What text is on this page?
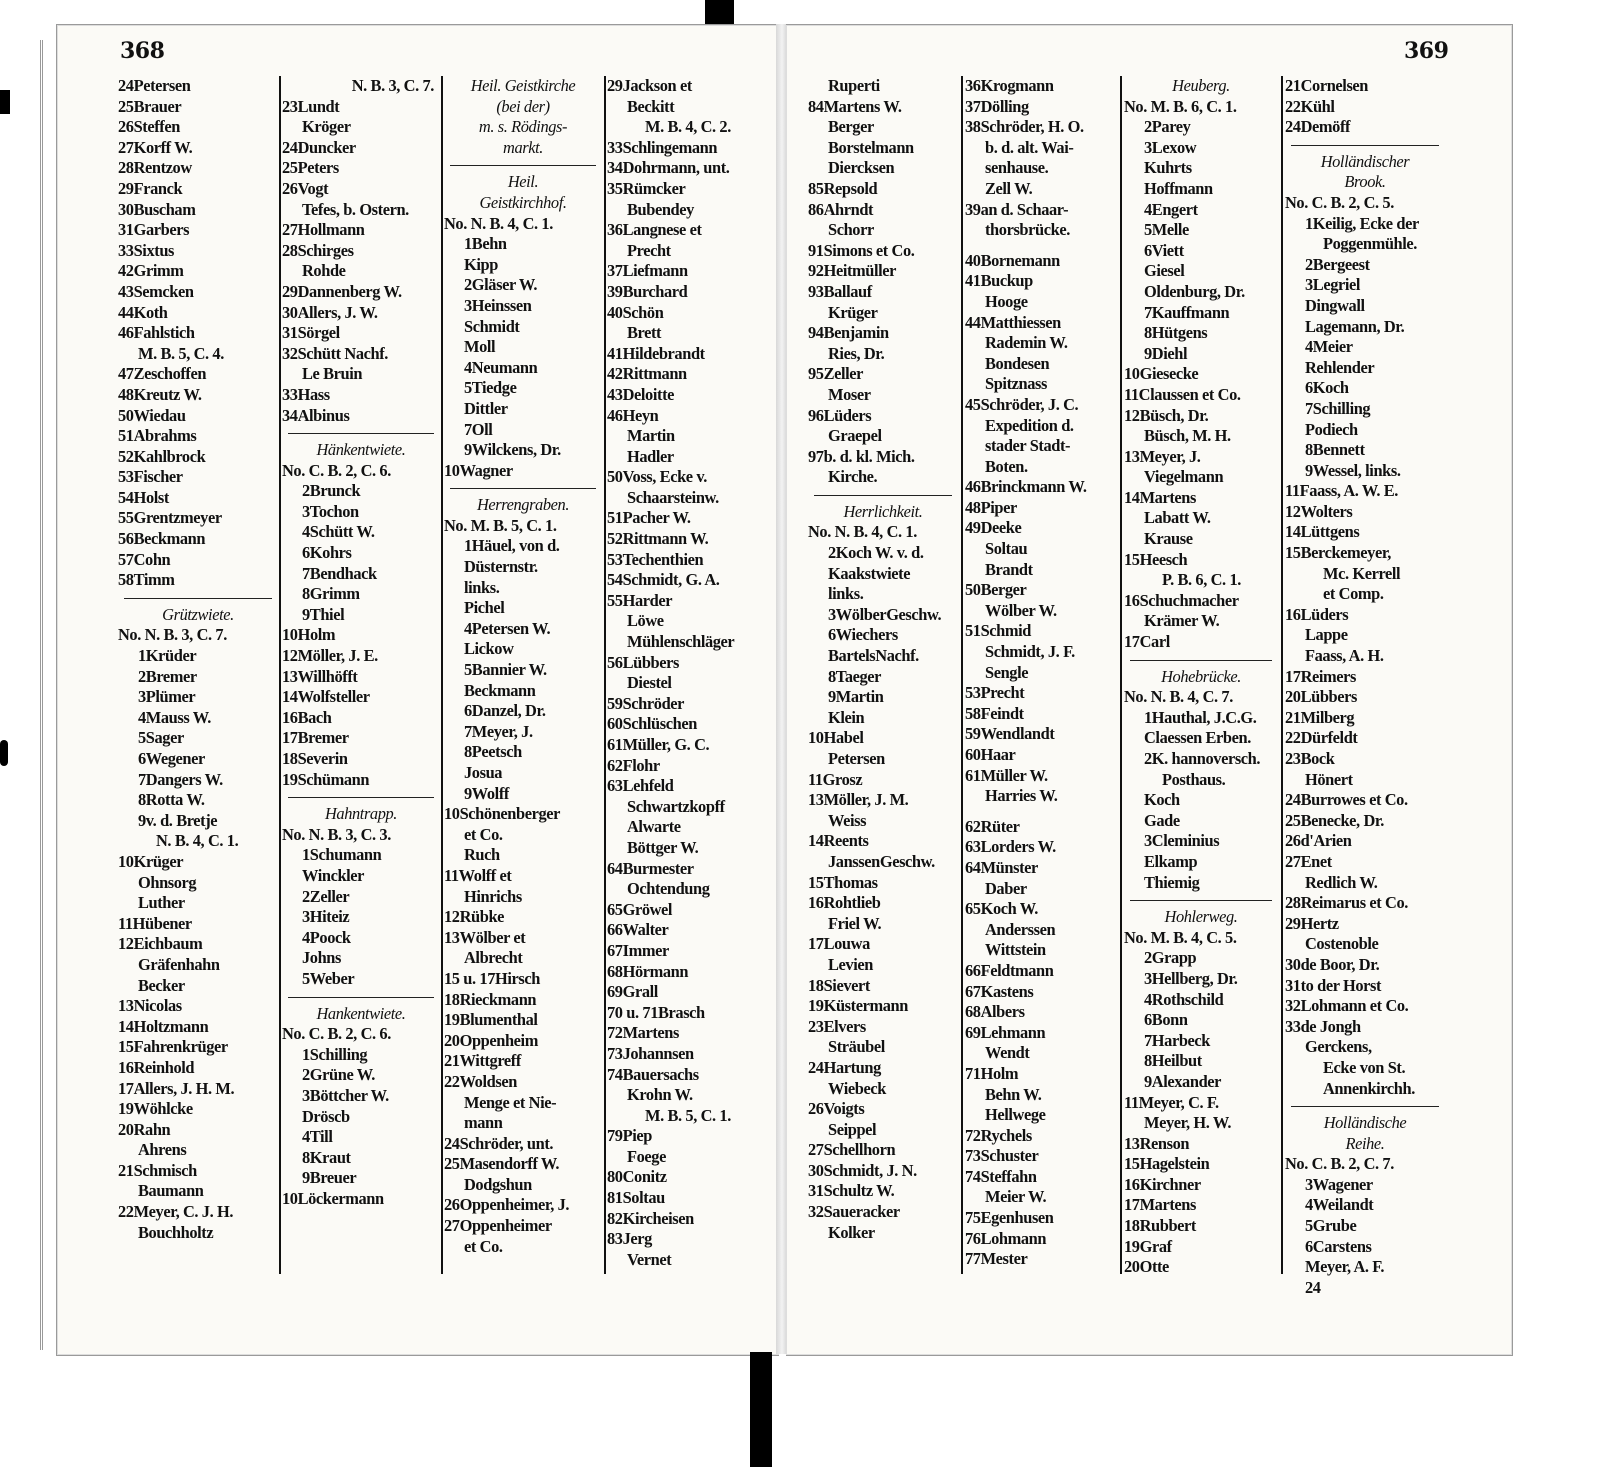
368	369
24Petersen
25Brauer
26Steffen
27Korff W.
28Rentzow
29Franck
30Buscham
31Garbers
33Sixtus
42Grimm
43Semcken
44Koth
46Fahlstich
M. B. 5, C. 4.
47Zeschoffen
48Kreutz W.
50Wiedau
51Abrahms
52Kahlbrock
53Fischer
54Holst
55Grentzmeyer
56Beckmann
57Cohn
58Timm
Grützwiete.
No. N. B. 3, C. 7.
1Krüder
2Bremer
3Plümer
4Mauss W.
5Sager
6Wegener
7Dangers W.
8Rotta W.
9v. d. Bretje
N. B. 4, C. 1.
10Krüger
Ohnsorg
Luther
11Hübener
12Eichbaum
Gräfenhahn
Becker
13Nicolas
14Holtzmann
15Fahrenkrüger
16Reinhold
17Allers, J. H. M.
19Wöhlcke
20Rahn
Ahrens
21Schmisch
Baumann
22Meyer, C. J. H.
Bouchholtz
N. B. 3, C. 7.
23Lundt
Kröger
24Duncker
25Peters
26Vogt
Tefes, b. Ostern.
27Hollmann
28Schirges
Rohde
29Dannenberg W.
30Allers, J. W.
31Sörgel
32Schütt Nachf.
Le Bruin
33Hass
34Albinus
Hänkentwiete.
No. C. B. 2, C. 6.
2Brunck
3Tochon
4Schütt W.
6Kohrs
7Bendhack
8Grimm
9Thiel
10Holm
12Möller, J. E.
13Willhöfft
14Wolfsteller
16Bach
17Bremer
18Severin
19Schümann
Hahntrapp.
No. N. B. 3, C. 3.
1Schumann
Winckler
2Zeller
3Hiteiz
4Poock
Johns
5Weber
Hankentwiete.
No. C. B. 2, C. 6.
1Schilling
2Grüne W.
3Böttcher W.
Dröscb
4Till
8Kraut
9Breuer
10Löckermann
Heil. Geistkirche
(bei der)
m. s. Rödings-
markt.
Heil.
Geistkirchhof.
No. N. B. 4, C. 1.
1Behn
Kipp
2Gläser W.
3Heinssen
Schmidt
Moll
4Neumann
5Tiedge
Dittler
7Oll
9Wilckens, Dr.
10Wagner
Herrengraben.
No. M. B. 5, C. 1.
1Häuel, von d.
Düsternstr.
links.
Pichel
4Petersen W.
Lickow
5Bannier W.
Beckmann
6Danzel, Dr.
7Meyer, J.
8Peetsch
Josua
9Wolff
10Schönenberger
et Co.
Ruch
11Wolff et
Hinrichs
12Rübke
13Wölber et
Albrecht
15 u. 17Hirsch
18Rieckmann
19Blumenthal
20Oppenheim
21Wittgreff
22Woldsen
Menge et Nie-
mann
24Schröder, unt.
25Masendorff W.
Dodgshun
26Oppenheimer, J.
27Oppenheimer
et Co.
29Jackson et
Beckitt
M. B. 4, C. 2.
33Schlingemann
34Dohrmann, unt.
35Rümcker
Bubendey
36Langnese et
Precht
37Liefmann
39Burchard
40Schön
Brett
41Hildebrandt
42Rittmann
43Deloitte
46Heyn
Martin
Hadler
50Voss, Ecke v.
Schaarsteinw.
51Pacher W.
52Rittmann W.
53Techenthien
54Schmidt, G. A.
55Harder
Löwe
Mühlenschläger
56Lübbers
Diestel
59Schröder
60Schlüschen
61Müller, G. C.
62Flohr
63Lehfeld
Schwartzkopff
Alwarte
Böttger W.
64Burmester
Ochtendung
65Gröwel
66Walter
67Immer
68Hörmann
69Grall
70 u. 71Brasch
72Martens
73Johannsen
74Bauersachs
Krohn W.
M. B. 5, C. 1.
79Piep
Foege
80Conitz
81Soltau
82Kircheisen
83Jerg
Vernet
Ruperti
84Martens W.
Berger
Borstelmann
Diercksen
85Repsold
86Ahrndt
Schorr
91Simons et Co.
92Heitmüller
93Ballauf
Krüger
94Benjamin
Ries, Dr.
95Zeller
Moser
96Lüders
Graepel
97b. d. kl. Mich.
Kirche.
Herrlichkeit.
No. N. B. 4, C. 1.
2Koch W. v. d.
Kaakstwiete
links.
3WölberGeschw.
6Wiechers
BartelsNachf.
8Taeger
9Martin
Klein
10Habel
Petersen
11Grosz
13Möller, J. M.
Weiss
14Reents
JanssenGeschw.
15Thomas
16Rohtlieb
Friel W.
17Louwa
Levien
18Sievert
19Küstermann
23Elvers
Sträubel
24Hartung
Wiebeck
26Voigts
Seippel
27Schellhorn
30Schmidt, J. N.
31Schultz W.
32Saueracker
Kolker
36Krogmann
37Dölling
38Schröder, H. O.
b. d. alt. Wai-
senhause.
Zell W.
39an d. Schaar-
thorsbrücke.
40Bornemann
41Buckup
Hooge
44Matthiessen
Rademin W.
Bondesen
Spitznass
45Schröder, J. C.
Expedition d.
stader Stadt-
Boten.
46Brinckmann W.
48Piper
49Deeke
Soltau
Brandt
50Berger
Wölber W.
51Schmid
Schmidt, J. F.
Sengle
53Precht
58Feindt
59Wendlandt
60Haar
61Müller W.
Harries W.
62Rüter
63Lorders W.
64Münster
Daber
65Koch W.
Anderssen
Wittstein
66Feldtmann
67Kastens
68Albers
69Lehmann
Wendt
71Holm
Behn W.
Hellwege
72Rychels
73Schuster
74Steffahn
Meier W.
75Egenhusen
76Lohmann
77Mester
Heuberg.
No. M. B. 6, C. 1.
2Parey
3Lexow
Kuhrts
Hoffmann
4Engert
5Melle
6Viett
Giesel
Oldenburg, Dr.
7Kauffmann
8Hütgens
9Diehl
10Giesecke
11Claussen et Co.
12Büsch, Dr.
Büsch, M. H.
13Meyer, J.
Viegelmann
14Martens
Labatt W.
Krause
15Heesch
P. B. 6, C. 1.
16Schuchmacher
Krämer W.
17Carl
Hohebrücke.
No. N. B. 4, C. 7.
1Hauthal, J.C.G.
Claessen Erben.
2K. hannoversch.
Posthaus.
Koch
Gade
3Cleminius
Elkamp
Thiemig
Hohlerweg.
No. M. B. 4, C. 5.
2Grapp
3Hellberg, Dr.
4Rothschild
6Bonn
7Harbeck
8Heilbut
9Alexander
11Meyer, C. F.
Meyer, H. W.
13Renson
15Hagelstein
16Kirchner
17Martens
18Rubbert
19Graf
20Otte
21Cornelsen
22Kühl
24Demöff
Holländischer
Brook.
No. C. B. 2, C. 5.
1Keilig, Ecke der
Poggenmühle.
2Bergeest
3Legriel
Dingwall
Lagemann, Dr.
4Meier
Rehlender
6Koch
7Schilling
Podiech
8Bennett
9Wessel, links.
11Faass, A. W. E.
12Wolters
14Lüttgens
15Berckemeyer,
Mc. Kerrell
et Comp.
16Lüders
Lappe
Faass, A. H.
17Reimers
20Lübbers
21Milberg
22Dürfeldt
23Bock
Hönert
24Burrowes et Co.
25Benecke, Dr.
26d'Arien
27Enet
Redlich W.
28Reimarus et Co.
29Hertz
Costenoble
30de Boor, Dr.
31to der Horst
32Lohmann et Co.
33de Jongh
Gerckens,
Ecke von St.
Annenkirchh.
Holländische
Reihe.
No. C. B. 2, C. 7.
3Wagener
4Weilandt
5Grube
6Carstens
Meyer, A. F.
24
